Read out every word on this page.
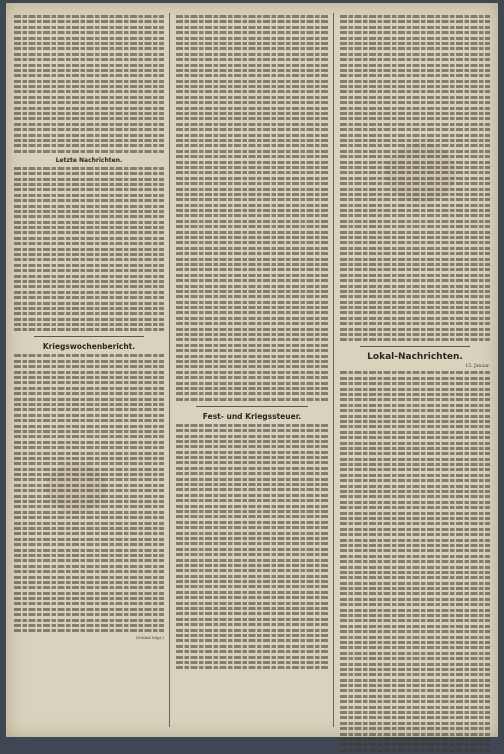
Letzte Nachrichten.

Kriegswochenbericht.

(Schluß folgt.)

Fest- und Kriegssteuer.

Lokal-Nachrichten.
15. Januar.
